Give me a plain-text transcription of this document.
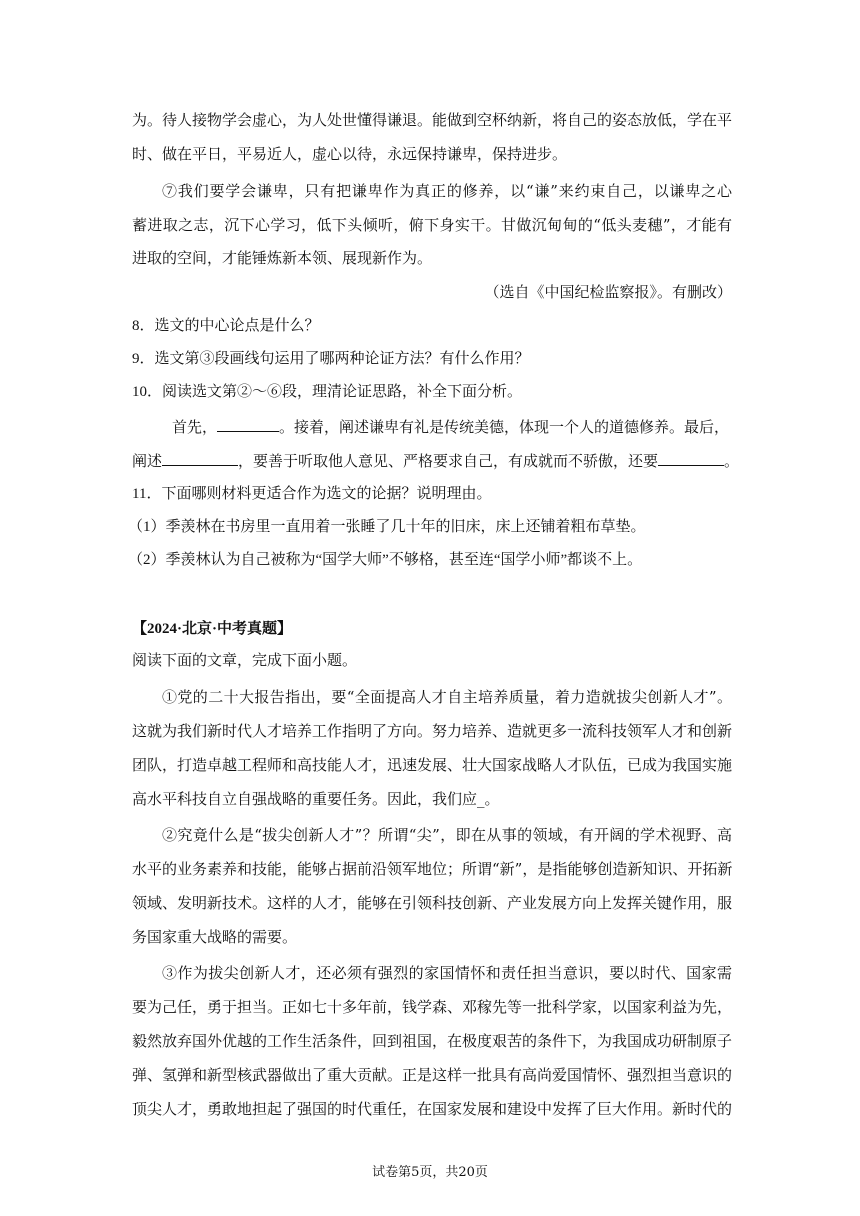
为。待人接物学会虚心，为人处世懂得谦退。能做到空杯纳新，将自己的姿态放低，学在平
时、做在平日，平易近人，虚心以待，永远保持谦卑，保持进步。
⑦我们要学会谦卑，只有把谦卑作为真正的修养，以“谦”来约束自己，以谦卑之心
蓄进取之志，沉下心学习，低下头倾听，俯下身实干。甘做沉甸甸的“低头麦穗”，才能有
进取的空间，才能锤炼新本领、展现新作为。
（选自《中国纪检监察报》。有删改）
8．选文的中心论点是什么？
9．选文第③段画线句运用了哪两种论证方法？有什么作用？
10．阅读选文第②～⑥段，理清论证思路，补全下面分析。
首先，	。接着，阐述谦卑有礼是传统美德，体现一个人的道德修养。最后，
阐述	，要善于听取他人意见、严格要求自己，有成就而不骄傲，还要	。
11．下面哪则材料更适合作为选文的论据？说明理由。
（1）季羡林在书房里一直用着一张睡了几十年的旧床，床上还铺着粗布草垫。
（2）季羡林认为自己被称为“国学大师”不够格，甚至连“国学小师”都谈不上。
【2024·北京·中考真题】
阅读下面的文章，完成下面小题。
①党的二十大报告指出，要“全面提高人才自主培养质量，着力造就拔尖创新人才”。
这就为我们新时代人才培养工作指明了方向。努力培养、造就更多一流科技领军人才和创新
团队，打造卓越工程师和高技能人才，迅速发展、壮大国家战略人才队伍，已成为我国实施
高水平科技自立自强战略的重要任务。因此，我们应_。
②究竟什么是“拔尖创新人才”？所谓“尖”，即在从事的领域，有开阔的学术视野、高
水平的业务素养和技能，能够占据前沿领军地位；所谓“新”，是指能够创造新知识、开拓新
领域、发明新技术。这样的人才，能够在引领科技创新、产业发展方向上发挥关键作用，服
务国家重大战略的需要。
③作为拔尖创新人才，还必须有强烈的家国情怀和责任担当意识，要以时代、国家需
要为己任，勇于担当。正如七十多年前，钱学森、邓稼先等一批科学家，以国家利益为先，
毅然放弃国外优越的工作生活条件，回到祖国，在极度艰苦的条件下，为我国成功研制原子
弹、氢弹和新型核武器做出了重大贡献。正是这样一批具有高尚爱国情怀、强烈担当意识的
顶尖人才，勇敢地担起了强国的时代重任，在国家发展和建设中发挥了巨大作用。新时代的
试卷第5页，共20页
